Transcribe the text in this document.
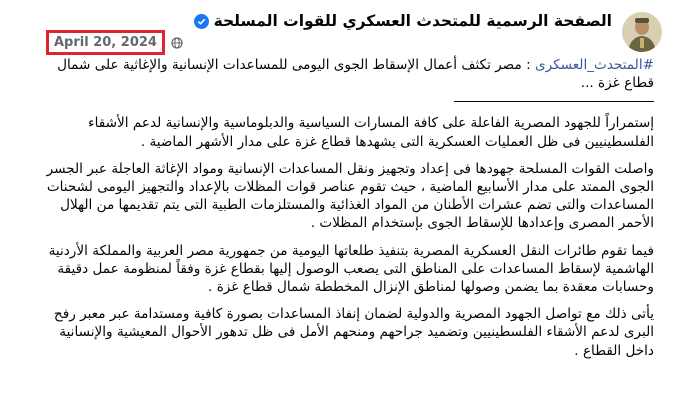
الصفحة الرسمية للمتحدث العسكري للقوات المسلحة
April 20, 2024

#المتحدث_العسكرى : مصر تكثف أعمال الإسقاط الجوى اليومى للمساعدات الإنسانية والإغاثية على شمال قطاع غزة ...

إستمراراً للجهود المصرية الفاعلة على كافة المسارات السياسية والدبلوماسية والإنسانية لدعم الأشقاء الفلسطينيين فى ظل العمليات العسكرية التى يشهدها قطاع غزة على مدار الأشهر الماضية .

واصلت القوات المسلحة جهودها فى إعداد وتجهيز ونقل المساعدات الإنسانية ومواد الإغاثة العاجلة عبر الجسر الجوى الممتد على مدار الأسابيع الماضية ، حيث تقوم عناصر قوات المظلات بالإعداد والتجهيز اليومى لشحنات المساعدات والتى تضم عشرات الأطنان من المواد الغذائية والمستلزمات الطبية التى يتم تقديمها من الهلال الأحمر المصرى وإعدادها للإسقاط الجوى بإستخدام المظلات .

فيما تقوم طائرات النقل العسكرية المصرية بتنفيذ طلعاتها اليومية من جمهورية مصر العربية والمملكة الأردنية الهاشمية لإسقاط المساعدات على المناطق التى يصعب الوصول إليها بقطاع غزة وفقاً لمنظومة عمل دقيقة وحسابات معقدة بما يضمن وصولها لمناطق الإنزال المخططة شمال قطاع غزة .

يأتى ذلك مع تواصل الجهود المصرية والدولية لضمان إنفاذ المساعدات بصورة كافية ومستدامة عبر معبر رفح البرى لدعم الأشقاء الفلسطينيين وتضميد جراحهم ومنحهم الأمل فى ظل تدهور الأحوال المعيشية والإنسانية داخل القطاع .
